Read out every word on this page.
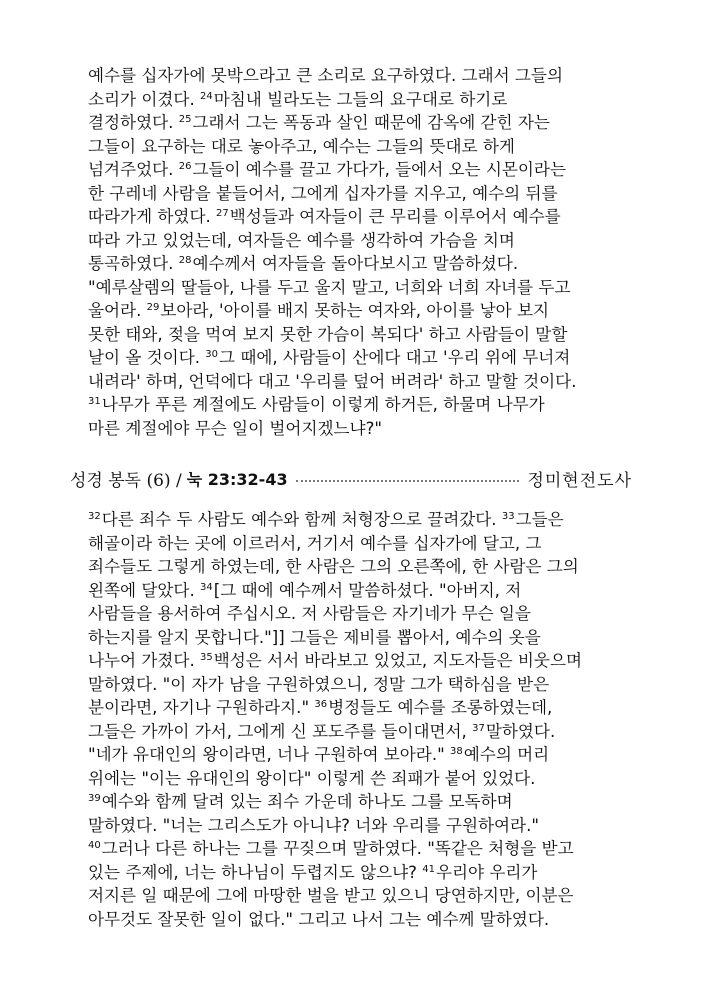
예수를 십자가에 못박으라고 큰 소리로 요구하였다. 그래서 그들의
소리가 이겼다. $^{24}$마침내 빌라도는 그들의 요구대로 하기로
결정하였다. $^{25}$그래서 그는 폭동과 살인 때문에 감옥에 갇힌 자는
그들이 요구하는 대로 놓아주고, 예수는 그들의 뜻대로 하게
넘겨주었다. $^{26}$그들이 예수를 끌고 가다가, 들에서 오는 시몬이라는
한 구레네 사람을 붙들어서, 그에게 십자가를 지우고, 예수의 뒤를
따라가게 하였다. $^{27}$백성들과 여자들이 큰 무리를 이루어서 예수를
따라 가고 있었는데, 여자들은 예수를 생각하여 가슴을 치며
통곡하였다. $^{28}$예수께서 여자들을 돌아다보시고 말씀하셨다.
"예루살렘의 딸들아, 나를 두고 울지 말고, 너희와 너희 자녀를 두고
울어라. $^{29}$보아라, '아이를 배지 못하는 여자와, 아이를 낳아 보지
못한 태와, 젖을 먹여 보지 못한 가슴이 복되다' 하고 사람들이 말할
날이 올 것이다. $^{30}$그 때에, 사람들이 산에다 대고 '우리 위에 무너져
내려라' 하며, 언덕에다 대고 '우리를 덮어 버려라' 하고 말할 것이다.
$^{31}$나무가 푸른 계절에도 사람들이 이렇게 하거든, 하물며 나무가
마른 계절에야 무슨 일이 벌어지겠느냐?"
성경 봉독 (6) / 눅 23:32-43	정미현전도사
$^{32}$다른 죄수 두 사람도 예수와 함께 처형장으로 끌려갔다. $^{33}$그들은
해골이라 하는 곳에 이르러서, 거기서 예수를 십자가에 달고, 그
죄수들도 그렇게 하였는데, 한 사람은 그의 오른쪽에, 한 사람은 그의
왼쪽에 달았다. $^{34}$[그 때에 예수께서 말씀하셨다. "아버지, 저
사람들을 용서하여 주십시오. 저 사람들은 자기네가 무슨 일을
하는지를 알지 못합니다."]] 그들은 제비를 뽑아서, 예수의 옷을
나누어 가졌다. $^{35}$백성은 서서 바라보고 있었고, 지도자들은 비웃으며
말하였다. "이 자가 남을 구원하였으니, 정말 그가 택하심을 받은
분이라면, 자기나 구원하라지." $^{36}$병정들도 예수를 조롱하였는데,
그들은 가까이 가서, 그에게 신 포도주를 들이대면서, $^{37}$말하였다.
"네가 유대인의 왕이라면, 너나 구원하여 보아라." $^{38}$예수의 머리
위에는 "이는 유대인의 왕이다" 이렇게 쓴 죄패가 붙어 있었다.
$^{39}$예수와 함께 달려 있는 죄수 가운데 하나도 그를 모독하며
말하였다. "너는 그리스도가 아니냐? 너와 우리를 구원하여라."
$^{40}$그러나 다른 하나는 그를 꾸짖으며 말하였다. "똑같은 처형을 받고
있는 주제에, 너는 하나님이 두렵지도 않으냐? $^{41}$우리야 우리가
저지른 일 때문에 그에 마땅한 벌을 받고 있으니 당연하지만, 이분은
아무것도 잘못한 일이 없다." 그리고 나서 그는 예수께 말하였다.
